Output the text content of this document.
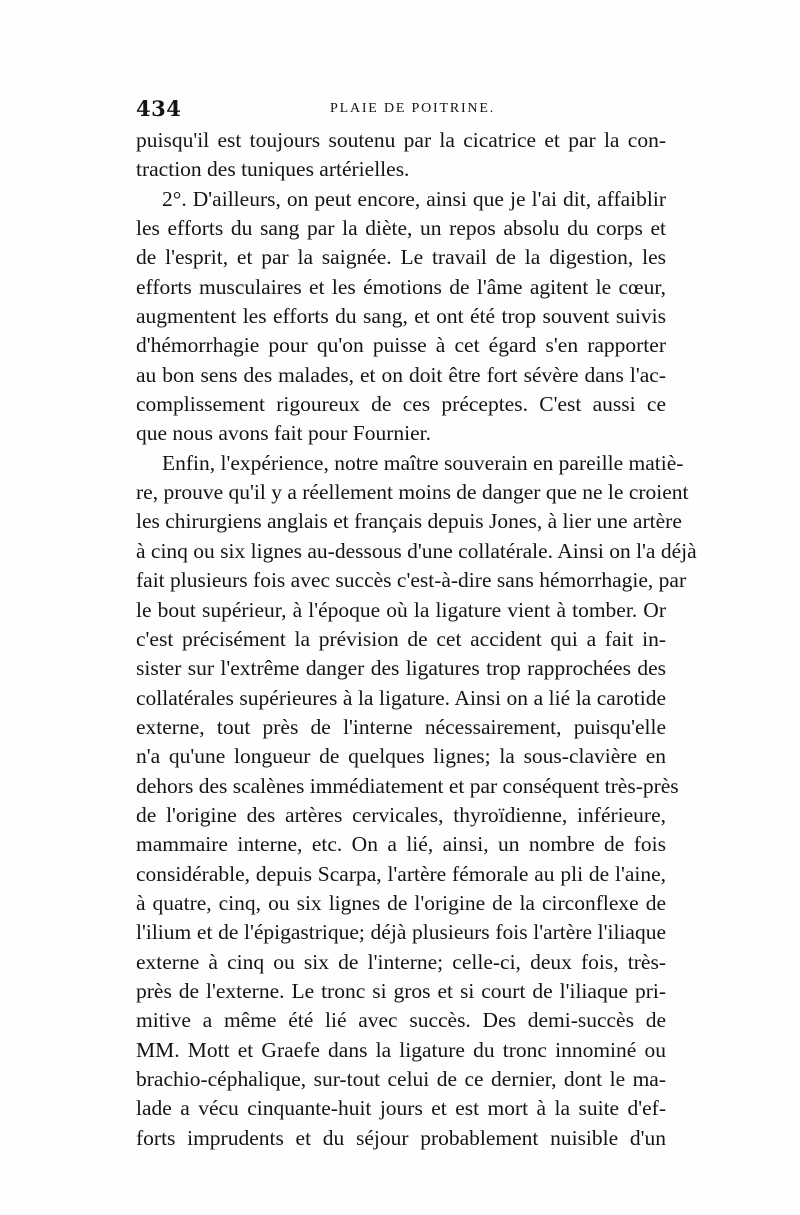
434	PLAIE DE POITRINE.
puisqu'il est toujours soutenu par la cicatrice et par la con-
traction des tuniques artérielles.
2°. D'ailleurs, on peut encore, ainsi que je l'ai dit, affaiblir
les efforts du sang par la diète, un repos absolu du corps et
de l'esprit, et par la saignée. Le travail de la digestion, les
efforts musculaires et les émotions de l'âme agitent le cœur,
augmentent les efforts du sang, et ont été trop souvent suivis
d'hémorrhagie pour qu'on puisse à cet égard s'en rapporter
au bon sens des malades, et on doit être fort sévère dans l'ac-
complissement rigoureux de ces préceptes. C'est aussi ce
que nous avons fait pour Fournier.
Enfin, l'expérience, notre maître souverain en pareille matiè-
re, prouve qu'il y a réellement moins de danger que ne le croient
les chirurgiens anglais et français depuis Jones, à lier une artère
à cinq ou six lignes au-dessous d'une collatérale. Ainsi on l'a déjà
fait plusieurs fois avec succès c'est-à-dire sans hémorrhagie, par
le bout supérieur, à l'époque où la ligature vient à tomber. Or
c'est précisément la prévision de cet accident qui a fait in-
sister sur l'extrême danger des ligatures trop rapprochées des
collatérales supérieures à la ligature. Ainsi on a lié la carotide
externe, tout près de l'interne nécessairement, puisqu'elle
n'a qu'une longueur de quelques lignes; la sous-clavière en
dehors des scalènes immédiatement et par conséquent très-près
de l'origine des artères cervicales, thyroïdienne, inférieure,
mammaire interne, etc. On a lié, ainsi, un nombre de fois
considérable, depuis Scarpa, l'artère fémorale au pli de l'aine,
à quatre, cinq, ou six lignes de l'origine de la circonflexe de
l'ilium et de l'épigastrique; déjà plusieurs fois l'artère l'iliaque
externe à cinq ou six de l'interne; celle-ci, deux fois, très-
près de l'externe. Le tronc si gros et si court de l'iliaque pri-
mitive a même été lié avec succès. Des demi-succès de
MM. Mott et Graefe dans la ligature du tronc innominé ou
brachio-céphalique, sur-tout celui de ce dernier, dont le ma-
lade a vécu cinquante-huit jours et est mort à la suite d'ef-
forts imprudents et du séjour probablement nuisible d'un
